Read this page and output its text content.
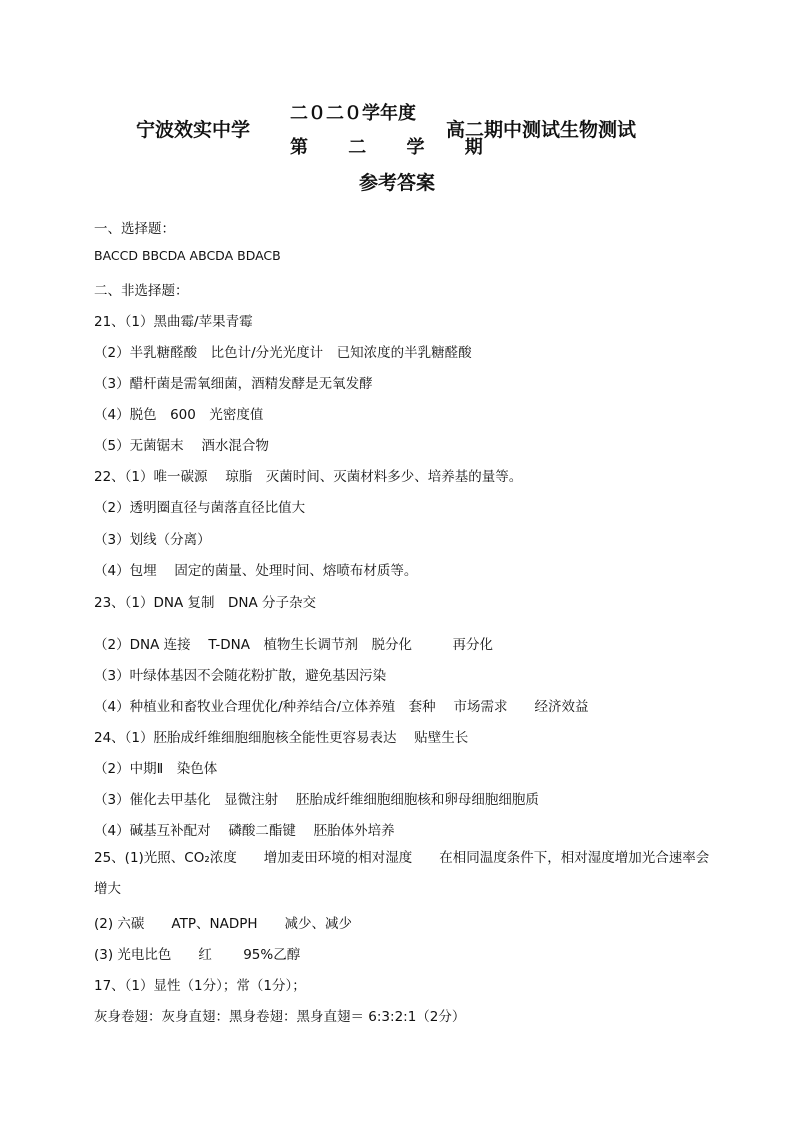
宁波效实中学
二０二０学年度
第 二 学 期
高二期中测试生物测试
参考答案
一、选择题：
BACCD BBCDA ABCDA BDACB
二、非选择题：
21、（1）黑曲霉/苹果青霉
（2）半乳糖醛酸　比色计/分光光度计　已知浓度的半乳糖醛酸
（3）醋杆菌是需氧细菌，酒精发酵是无氧发酵
（4）脱色　600　光密度值
（5）无菌锯末　 酒水混合物
22、（1）唯一碳源　 琼脂　灭菌时间、灭菌材料多少、培养基的量等。
（2）透明圈直径与菌落直径比值大
（3）划线（分离）
（4）包埋　 固定的菌量、处理时间、熔喷布材质等。
23、（1）DNA 复制　DNA 分子杂交
（2）DNA 连接　 T-DNA　植物生长调节剂　脱分化　　　再分化
（3）叶绿体基因不会随花粉扩散，避免基因污染
（4）种植业和畜牧业合理优化/种养结合/立体养殖　套种　 市场需求　　经济效益
24、（1）胚胎成纤维细胞细胞核全能性更容易表达　 贴壁生长
（2）中期Ⅱ　染色体
（3）催化去甲基化　显微注射　 胚胎成纤维细胞细胞核和卵母细胞细胞质
（4）碱基互补配对　 磷酸二酯键　 胚胎体外培养
25、(1)光照、CO₂浓度　　增加麦田环境的相对湿度　　在相同温度条件下，相对湿度增加光合速率会增大
(2) 六碳　　ATP、NADPH　　减少、减少
(3) 光电比色　　红　　 95%乙醇
17、（1）显性（1分）；常（1分）；
灰身卷翅：灰身直翅：黑身卷翅：黑身直翅＝ 6:3:2:1（2分）
